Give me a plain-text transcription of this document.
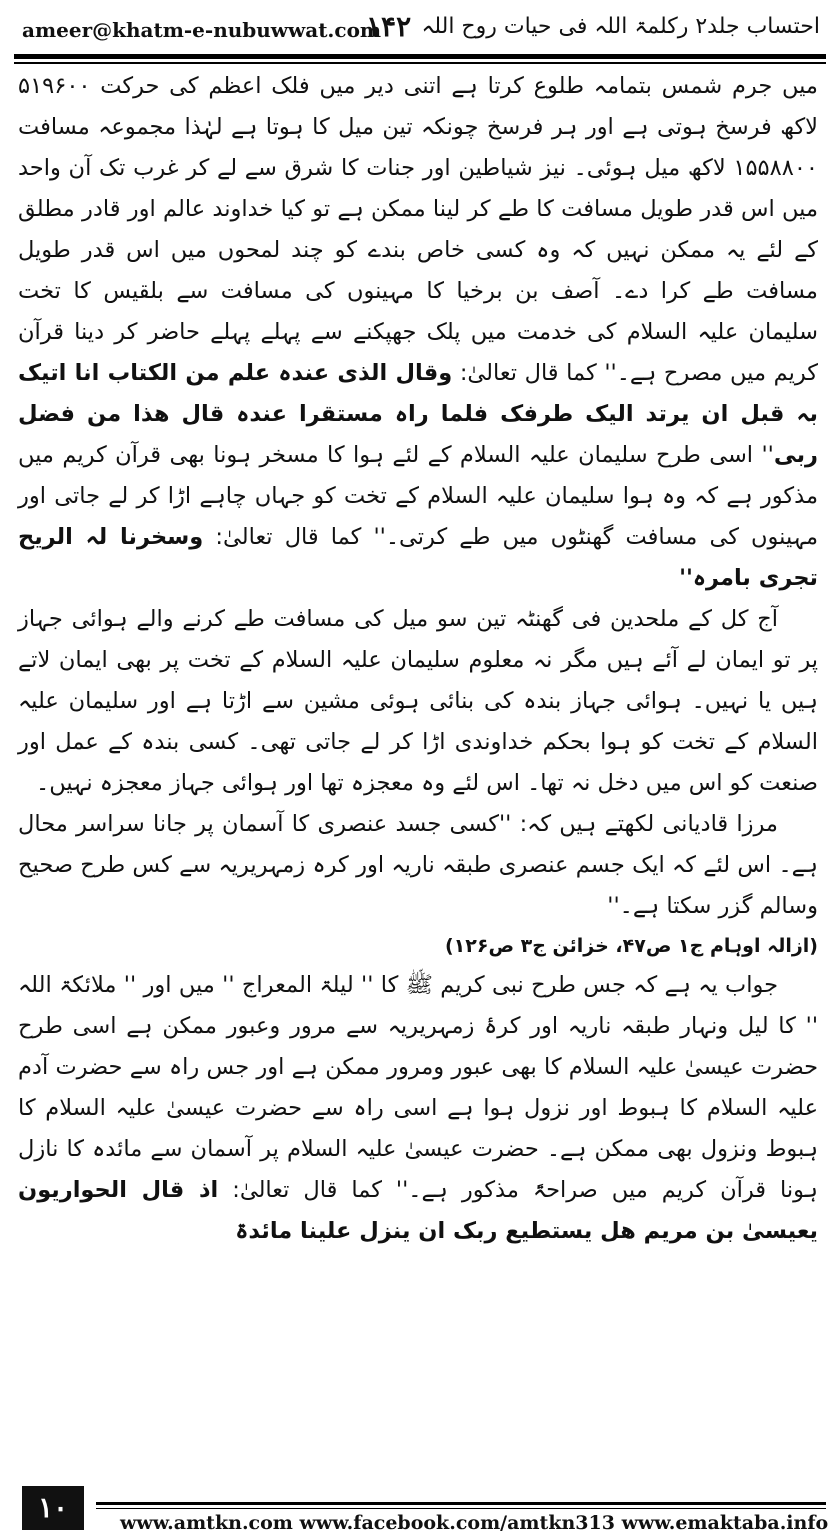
ameer@khatm-e-nubuwwat.com
۱۴۲ احتساب جلد۲ رکلمۃ اللہ فی حیات روح اللہ

میں جرم شمس بتمامہ طلوع کرتا ہے اتنی دیر میں فلک اعظم کی حرکت ۵۱۹۶۰۰ لاکھ فرسخ ہوتی ہے اور ہر فرسخ چونکہ تین میل کا ہوتا ہے لہٰذا مجموعہ مسافت ۱۵۵۸۸۰۰ لاکھ میل ہوئی۔ نیز شیاطین اور جنات کا شرق سے لے کر غرب تک آن واحد میں اس قدر طویل مسافت کا طے کر لینا ممکن ہے تو کیا خداوند عالم اور قادر مطلق کے لئے یہ ممکن نہیں کہ وہ کسی خاص بندے کو چند لمحوں میں اس قدر طویل مسافت طے کرا دے۔ آصف بن برخیا کا مہینوں کی مسافت سے بلقیس کا تخت سلیمان علیہ السلام کی خدمت میں پلک جھپکنے سے پہلے پہلے حاضر کر دینا قرآن کریم میں مصرح ہے۔'' کما قال تعالیٰ: وقال الذی عندہ علم من الکتاب انا اتیک بہ قبل ان یرتد الیک طرفک فلما راہ مستقرا عندہ قال ھذا من فضل ربی'' اسی طرح سلیمان علیہ السلام کے لئے ہوا کا مسخر ہونا بھی قرآن کریم میں مذکور ہے کہ وہ ہوا سلیمان علیہ السلام کے تخت کو جہاں چاہے اڑا کر لے جاتی اور مہینوں کی مسافت گھنٹوں میں طے کرتی۔'' کما قال تعالیٰ: وسخرنا لہ الریح تجری بامرہ''

آج کل کے ملحدین فی گھنٹہ تین سو میل کی مسافت طے کرنے والے ہوائی جہاز پر تو ایمان لے آئے ہیں مگر نہ معلوم سلیمان علیہ السلام کے تخت پر بھی ایمان لاتے ہیں یا نہیں۔ ہوائی جہاز بندہ کی بنائی ہوئی مشین سے اڑتا ہے اور سلیمان علیہ السلام کے تخت کو ہوا بحکم خداوندی اڑا کر لے جاتی تھی۔ کسی بندہ کے عمل اور صنعت کو اس میں دخل نہ تھا۔ اس لئے وہ معجزہ تھا اور ہوائی جہاز معجزہ نہیں۔

مرزا قادیانی لکھتے ہیں کہ: ''کسی جسد عنصری کا آسمان پر جانا سراسر محال ہے۔ اس لئے کہ ایک جسم عنصری طبقہ ناریہ اور کرہ زمہریریہ سے کس طرح صحیح وسالم گزر سکتا ہے۔''

(ازالہ اوہام ج۱ ص۴۷، خزائن ج۳ ص۱۲۶)

جواب یہ ہے کہ جس طرح نبی کریم ﷺ کا '' لیلۃ المعراج '' میں اور '' ملائکۃ اللہ '' کا لیل ونہار طبقہ ناریہ اور کرۂ زمہریریہ سے مرور وعبور ممکن ہے اسی طرح حضرت عیسیٰ علیہ السلام کا بھی عبور ومرور ممکن ہے اور جس راہ سے حضرت آدم علیہ السلام کا ہبوط اور نزول ہوا ہے اسی راہ سے حضرت عیسیٰ علیہ السلام کا ہبوط ونزول بھی ممکن ہے۔ حضرت عیسیٰ علیہ السلام پر آسمان سے مائدہ کا نازل ہونا قرآن کریم میں صراحۃً مذکور ہے۔'' کما قال تعالیٰ: اذ قال الحواریون یعیسیٰ بن مریم ھل یستطیع ربک ان ینزل علینا مائدۃ

۱۰	www.amtkn.com www.facebook.com/amtkn313 www.emaktaba.info
